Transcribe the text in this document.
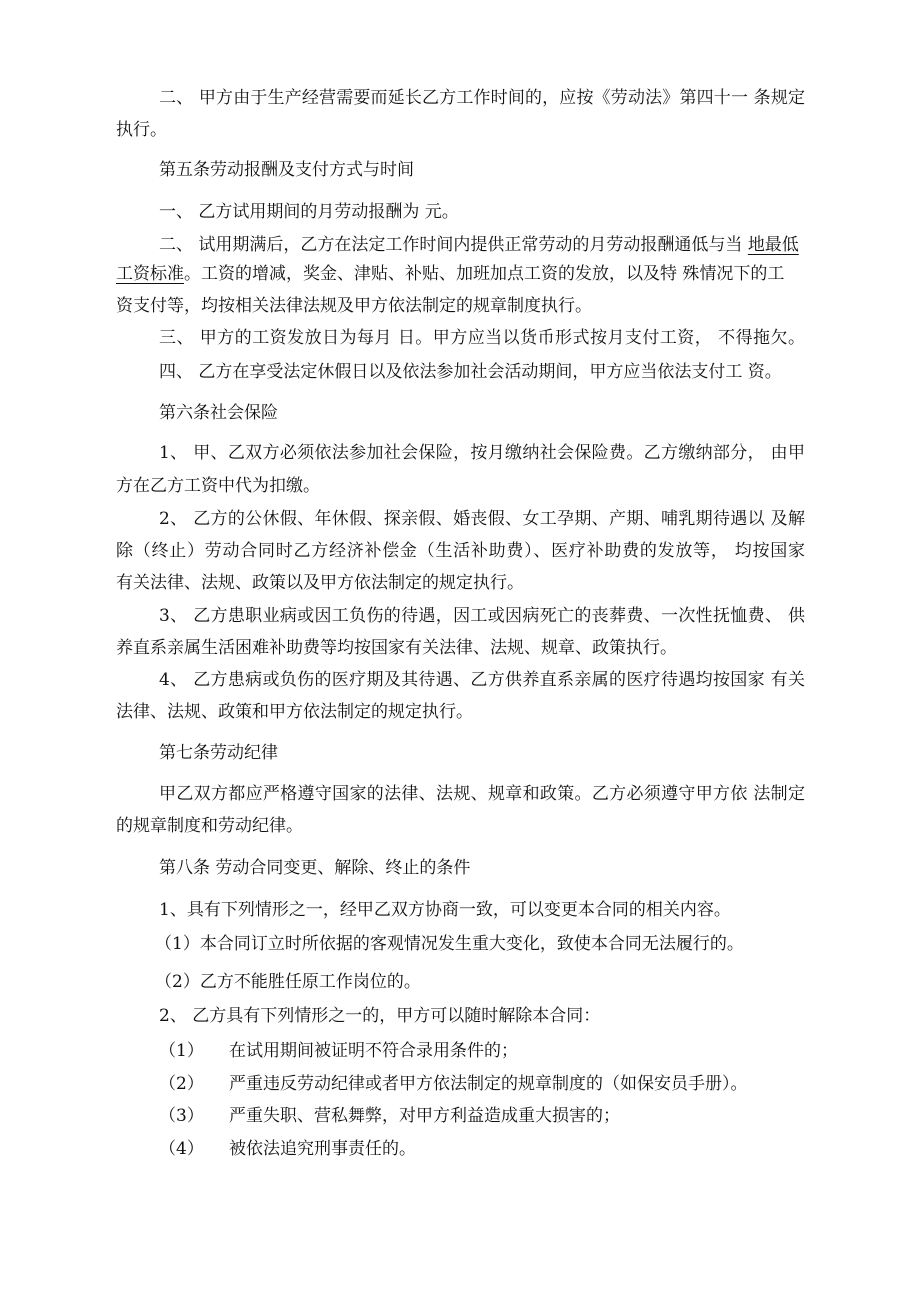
二、 甲方由于生产经营需要而延长乙方工作时间的，应按《劳动法》第四十一 条规定

执行。

第五条劳动报酬及支付方式与时间

一、 乙方试用期间的月劳动报酬为 元。

二、 试用期满后，乙方在法定工作时间内提供正常劳动的月劳动报酬通低与当 地最低

工资标准。工资的增减，奖金、津贴、补贴、加班加点工资的发放，以及特 殊情况下的工

资支付等，均按相关法律法规及甲方依法制定的规章制度执行。

三、 甲方的工资发放日为每月 日。甲方应当以货币形式按月支付工资， 不得拖欠。

四、 乙方在享受法定休假日以及依法参加社会活动期间，甲方应当依法支付工 资。

第六条社会保险

1、 甲、乙双方必须依法参加社会保险，按月缴纳社会保险费。乙方缴纳部分， 由甲

方在乙方工资中代为扣缴。

2、 乙方的公休假、年休假、探亲假、婚丧假、女工孕期、产期、哺乳期待遇以 及解

除（终止）劳动合同时乙方经济补偿金（生活补助费）、医疗补助费的发放等， 均按国家

有关法律、法规、政策以及甲方依法制定的规定执行。

3、 乙方患职业病或因工负伤的待遇，因工或因病死亡的丧葬费、一次性抚恤费、 供

养直系亲属生活困难补助费等均按国家有关法律、法规、规章、政策执行。

4、 乙方患病或负伤的医疗期及其待遇、乙方供养直系亲属的医疗待遇均按国家 有关

法律、法规、政策和甲方依法制定的规定执行。

第七条劳动纪律

甲乙双方都应严格遵守国家的法律、法规、规章和政策。乙方必须遵守甲方依 法制定

的规章制度和劳动纪律。

第八条 劳动合同变更、解除、终止的条件

1、具有下列情形之一，经甲乙双方协商一致，可以变更本合同的相关内容。

（1）本合同订立时所依据的客观情况发生重大变化，致使本合同无法履行的。

（2）乙方不能胜任原工作岗位的。

2、 乙方具有下列情形之一的，甲方可以随时解除本合同：

（1） 在试用期间被证明不符合录用条件的；
（2） 严重违反劳动纪律或者甲方依法制定的规章制度的（如保安员手册）。
（3） 严重失职、营私舞弊，对甲方利益造成重大损害的；
（4） 被依法追究刑事责任的。
